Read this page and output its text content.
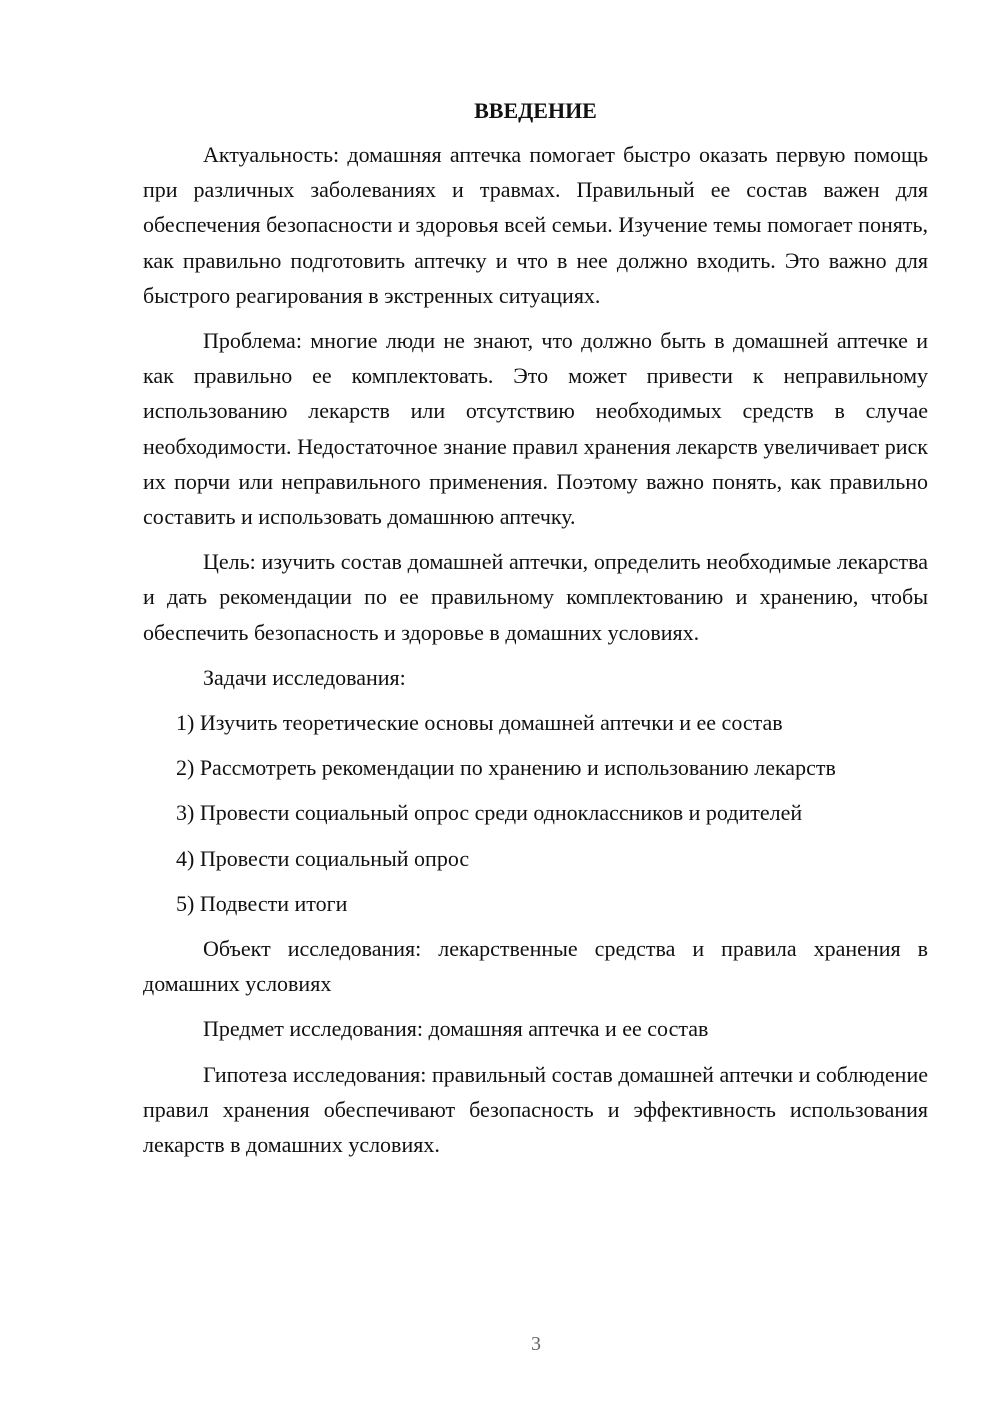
ВВЕДЕНИЕ

Актуальность: домашняя аптечка помогает быстро оказать первую помощь при различных заболеваниях и травмах. Правильный ее состав важен для обеспечения безопасности и здоровья всей семьи. Изучение темы помогает понять, как правильно подготовить аптечку и что в нее должно входить. Это важно для быстрого реагирования в экстренных ситуациях.

Проблема: многие люди не знают, что должно быть в домашней аптечке и как правильно ее комплектовать. Это может привести к неправильному использованию лекарств или отсутствию необходимых средств в случае необходимости. Недостаточное знание правил хранения лекарств увеличивает риск их порчи или неправильного применения. Поэтому важно понять, как правильно составить и использовать домашнюю аптечку.

Цель: изучить состав домашней аптечки, определить необходимые лекарства и дать рекомендации по ее правильному комплектованию и хранению, чтобы обеспечить безопасность и здоровье в домашних условиях.

Задачи исследования:

1) Изучить теоретические основы домашней аптечки и ее состав

2) Рассмотреть рекомендации по хранению и использованию лекарств

3) Провести социальный опрос среди одноклассников и родителей

4) Провести социальный опрос

5) Подвести итоги

Объект исследования: лекарственные средства и правила хранения в домашних условиях

Предмет исследования: домашняя аптечка и ее состав

Гипотеза исследования: правильный состав домашней аптечки и соблюдение правил хранения обеспечивают безопасность и эффективность использования лекарств в домашних условиях.

3
